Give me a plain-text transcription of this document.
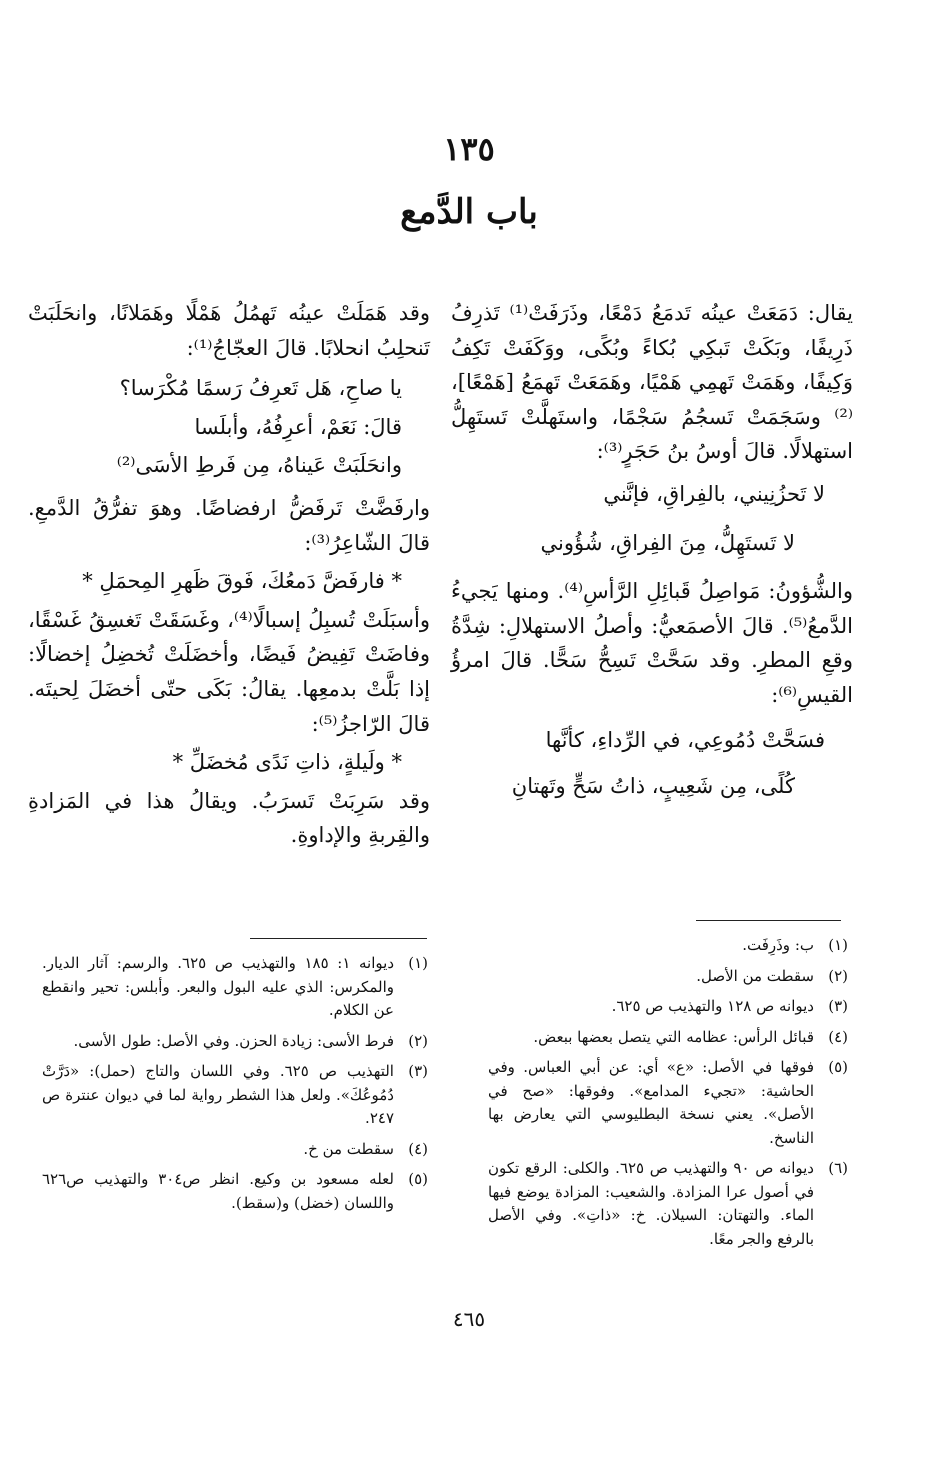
١٣٥
باب الدَّمع

يقال: دَمَعَتْ عينُه تَدمَعُ دَمْعًا، وذَرَفَتْ⁽¹⁾ تَذرِفُ ذَرِيفًا، وبَكَتْ تَبكِي بُكاءً وبُكًى، ووَكَفَتْ تَكِفُ وَكِيفًا، وهَمَتْ تَهمِي هَمْيًا، وهَمَعَتْ تَهمَعُ [هَمْعًا]،⁽²⁾ وسَجَمَتْ تَسجُمُ سَجْمًا، واستَهلَّتْ تَستَهِلُّ استهلالًا. قالَ أوسُ بنُ حَجَرٍ⁽³⁾:

لا تَحزُنِيني، بالفِراقِ، فإنَّني

لا تَستَهِلُّ، مِنَ الفِراقِ، شُؤُوني

والشُّؤونُ: مَواصِلُ قَبائِلِ الرَّأسِ⁽⁴⁾. ومنها يَجيءُ الدَّمعُ⁽⁵⁾. قالَ الأصمَعيُّ: وأصلُ الاستهلالِ: شِدَّةُ وقعِ المطرِ. وقد سَحَّتْ تَسِحُّ سَحًّا. قالَ امرؤُ القيسِ⁽⁶⁾:

فسَحَّتْ دُمُوعِي، في الرِّداءِ، كأنَّها

كُلًى، مِن شَعِيبٍ، ذاتُ سَحٍّ وتَهتانِ

وقد هَمَلَتْ عينُه تَهمُلُ هَمْلًا وهَمَلانًا، وانحَلَبَتْ تَنحلِبُ انحلابًا. قالَ العجّاجُ⁽¹⁾:

يا صاحِ، هَل تَعرِفُ رَسمًا مُكْرَسا؟

قالَ: نَعَمْ، أعرِفُهُ، وأبلَسا

وانحَلَبَتْ عَيناهُ، مِن فَرطِ الأسَى⁽²⁾

وارفَضَّتْ تَرفَضُّ ارفضاضًا. وهوَ تفرُّقُ الدَّمعِ. قالَ الشّاعِرُ⁽³⁾:

* فارفَضَّ دَمعُكَ، فَوقَ ظَهرِ المِحمَلِ *

وأسبَلَتْ تُسبِلُ إسبالًا⁽⁴⁾، وغَسَقَتْ تَغسِقُ غَسْقًا، وفاضَتْ تَفِيضُ فَيضًا، وأخضَلَتْ تُخضِلُ إخضالًا: إذا بَلَّتْ بدمعِها. يقالُ: بَكَى حتّى أخضَلَ لِحيتَه. قالَ الرّاجزُ⁽⁵⁾:

* ولَيلةٍ، ذاتِ نَدًى مُخضَلِّ *

وقد سَرِبَتْ تَسرَبُ. ويقالُ هذا في المَزادةِ والقِربةِ والإداوةِ.

(١)
ب: وذَرِفَت.
(٢)
سقطت من الأصل.
(٣)
ديوانه ص ١٢٨ والتهذيب ص ٦٢٥.
(٤)
قبائل الرأس: عظامه التي يتصل بعضها ببعض.
(٥)
فوقها في الأصل: «ع» أي: عن أبي العباس. وفي الحاشية: «تجيء المدامع». وفوقها: «صح في الأصل». يعني نسخة البطليوسي التي يعارض بها الناسخ.
(٦)
ديوانه ص ٩٠ والتهذيب ص ٦٢٥. والكلى: الرقع تكون في أصول عرا المزادة. والشعيب: المزادة يوضع فيها الماء. والتهتان: السيلان. خ: «ذاتِ». وفي الأصل بالرفع والجر معًا.
(١)
ديوانه ١: ١٨٥ والتهذيب ص ٦٢٥. والرسم: آثار الديار. والمكرس: الذي عليه البول والبعر. وأبلس: تحير وانقطع عن الكلام.
(٢)
فرط الأسى: زيادة الحزن. وفي الأصل: طول الأسى.
(٣)
التهذيب ص ٦٢٥. وفي اللسان والتاج (حمل): «دَرَّتْ دُمُوعُكَ». ولعل هذا الشطر رواية لما في ديوان عنترة ص ٢٤٧.
(٤)
سقطت من خ.
(٥)
لعله مسعود بن وكيع. انظر ص٣٠٤ والتهذيب ص٦٢٦ واللسان (خضل) و(سقط).
٤٦٥
